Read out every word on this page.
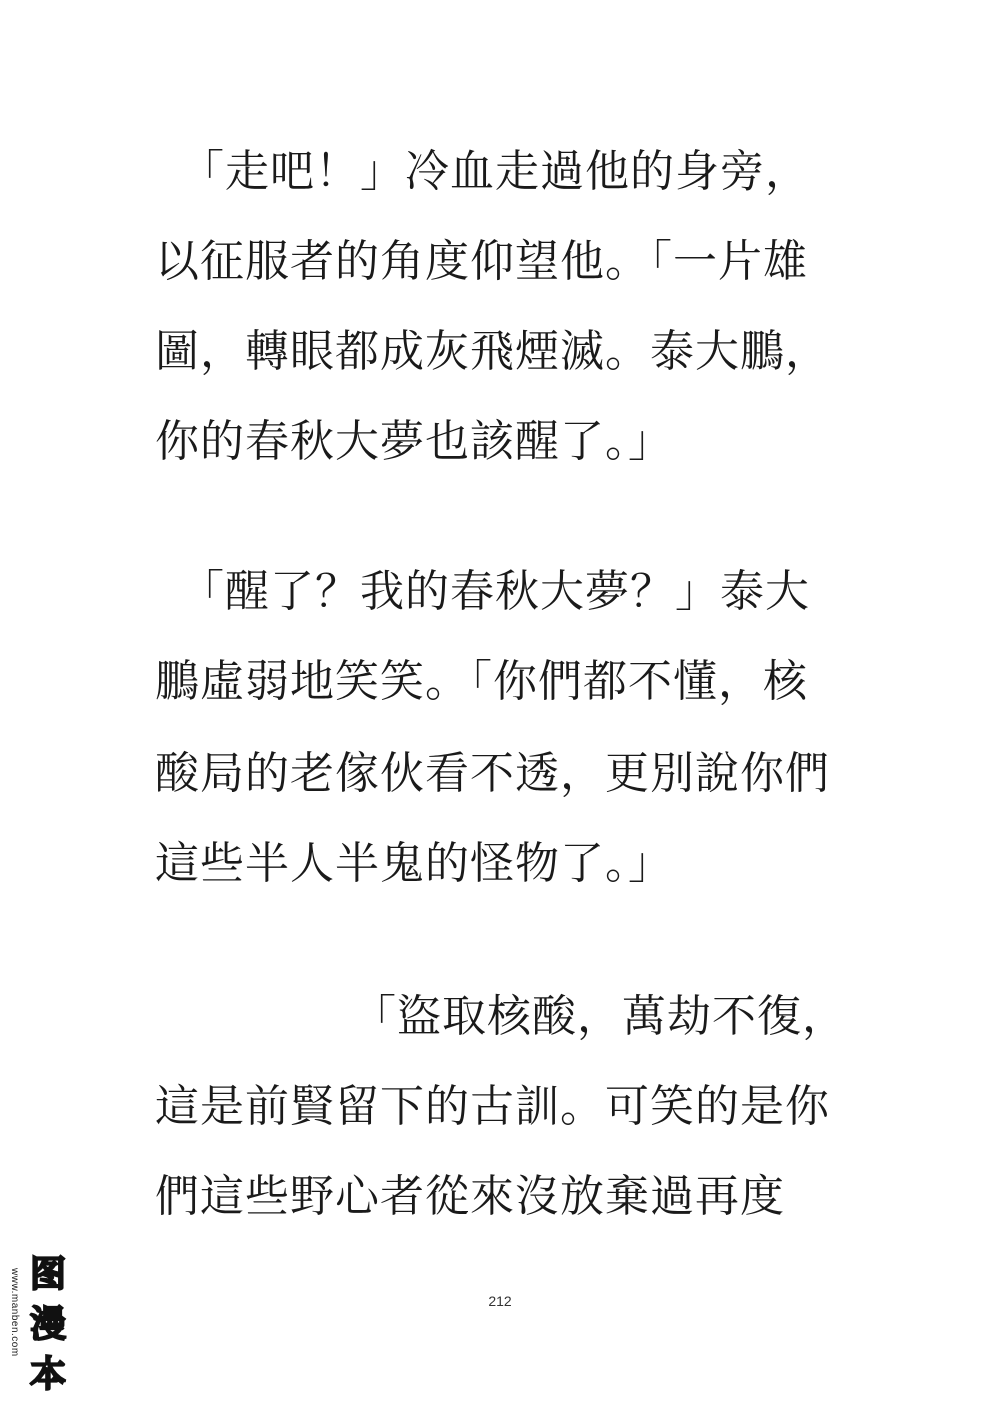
「走吧！」冷血走過他的身旁，
以征服者的角度仰望他。「一片雄
圖，轉眼都成灰飛煙滅。泰大鵬，
你的春秋大夢也該醒了。」
「醒了？我的春秋大夢？」泰大
鵬虛弱地笑笑。「你們都不懂，核
酸局的老傢伙看不透，更別說你們
這些半人半鬼的怪物了。」
「盜取核酸，萬劫不復，
這是前賢留下的古訓。可笑的是你
們這些野心者從來沒放棄過再度
212
www.manben.com 图
漫
本
